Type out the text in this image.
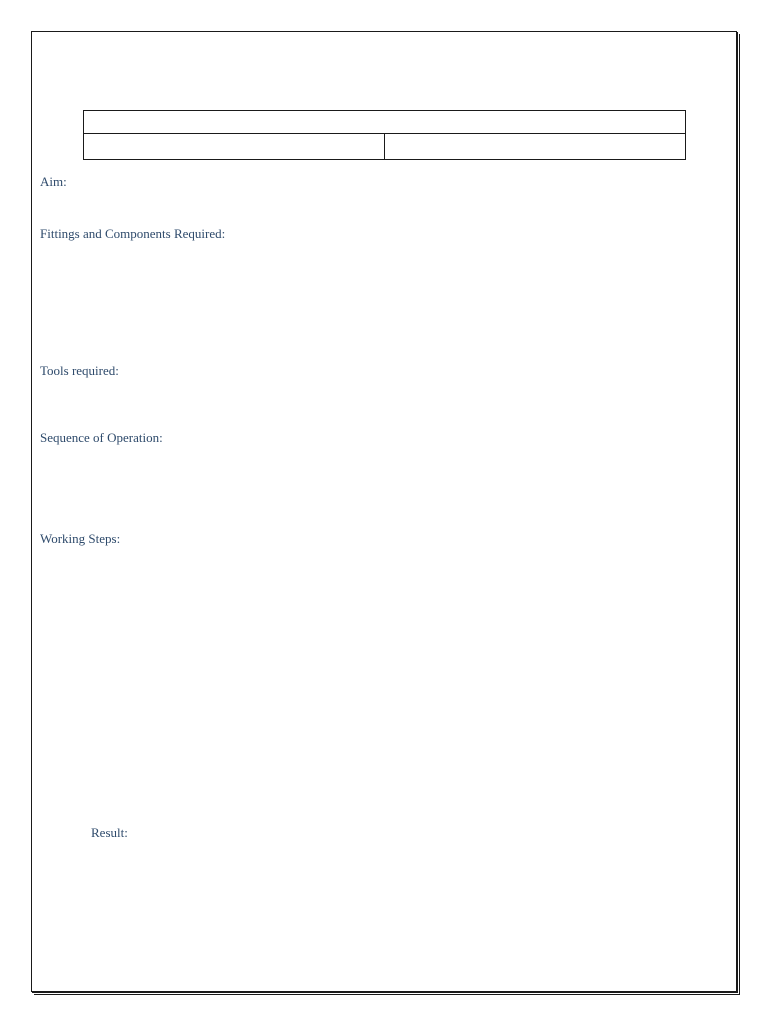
Aim:
Fittings and Components Required:
Tools required:
Sequence of Operation:
Working Steps:
Result:
